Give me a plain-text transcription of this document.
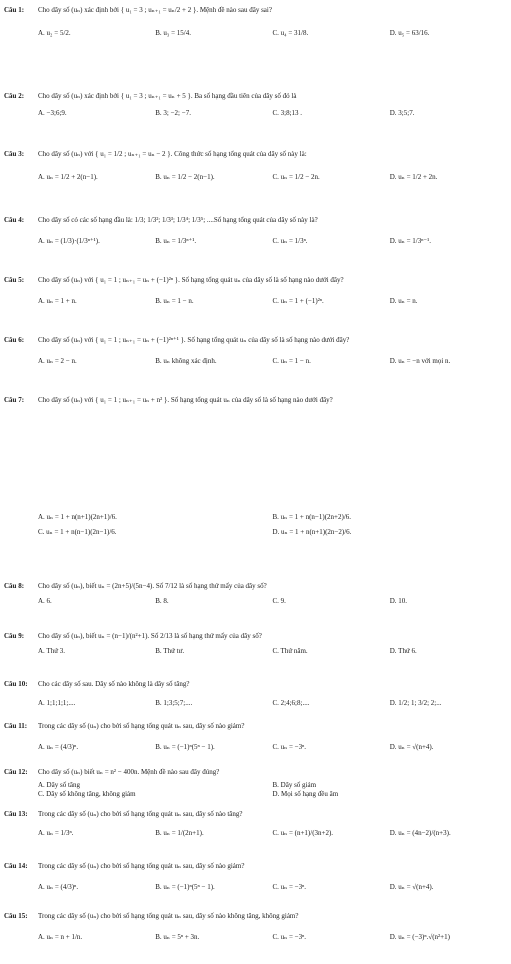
Câu 1: Cho dãy số (uₙ) xác định bởi { u₁ = 3 ; uₙ₊₁ = uₙ/2 + 2 }. Mệnh đề nào sau đây sai?
A. u₂ = 5/2.	B. u₃ = 15/4.	C. u₄ = 31/8.	D. u₅ = 63/16.
Câu 2: Cho dãy số (uₙ) xác định bởi { u₁ = 3 ; uₙ₊₁ = uₙ + 5 }. Ba số hạng đầu tiên của dãy số đó là
A. −3;6;9.	B. 3; −2; −7.	C. 3;8;13 .	D. 3;5;7.
Câu 3: Cho dãy số (uₙ) với { u₁ = 1/2 ; uₙ₊₁ = uₙ − 2 }. Công thức số hạng tổng quát của dãy số này là:
A. uₙ = 1/2 + 2(n−1).	B. uₙ = 1/2 − 2(n−1).	C. uₙ = 1/2 − 2n.	D. uₙ = 1/2 + 2n.
Câu 4: Cho dãy số có các số hạng đầu là: 1/3; 1/3²; 1/3³; 1/3⁴; 1/3⁵; ....Số hạng tổng quát của dãy số này là?
A. uₙ = (1/3)·(1/3ⁿ⁺¹).	B. uₙ = 1/3ⁿ⁺¹.	C. uₙ = 1/3ⁿ.	D. uₙ = 1/3ⁿ⁻¹.
Câu 5: Cho dãy số (uₙ) với { u₁ = 1 ; uₙ₊₁ = uₙ + (−1)²ⁿ }. Số hạng tổng quát uₙ của dãy số là số hạng nào dưới đây?
A. uₙ = 1 + n.	B. uₙ = 1 − n.	C. uₙ = 1 + (−1)²ⁿ.	D. uₙ = n.
Câu 6: Cho dãy số (uₙ) với { u₁ = 1 ; uₙ₊₁ = uₙ + (−1)²ⁿ⁺¹ }. Số hạng tổng quát uₙ của dãy số là số hạng nào dưới đây?
A. uₙ = 2 − n.	B. uₙ không xác định.	C. uₙ = 1 − n.	D. uₙ = −n với mọi n.
Câu 7: Cho dãy số (uₙ) với { u₁ = 1 ; uₙ₊₁ = uₙ + n² }. Số hạng tổng quát uₙ của dãy số là số hạng nào dưới đây?
A. uₙ = 1 + n(n+1)(2n+1)/6.	B. uₙ = 1 + n(n−1)(2n+2)/6.
C. uₙ = 1 + n(n−1)(2n−1)/6.	D. uₙ = 1 + n(n+1)(2n−2)/6.
Câu 8: Cho dãy số (uₙ), biết uₙ = (2n+5)/(5n−4). Số 7/12 là số hạng thứ mấy của dãy số?
A. 6.	B. 8.	C. 9.	D. 10.
Câu 9: Cho dãy số (uₙ), biết uₙ = (n−1)/(n²+1). Số 2/13 là số hạng thứ mấy của dãy số?
A. Thứ 3.	B. Thứ tư.	C. Thứ năm.	D. Thứ 6.
Câu 10: Cho các dãy số sau. Dãy số nào không là dãy số tăng?
A. 1;1;1;1;....	B. 1;3;5;7;....	C. 2;4;6;8;....	D. 1/2; 1; 3/2; 2;...
Câu 11: Trong các dãy số (uₙ) cho bởi số hạng tổng quát uₙ sau, dãy số nào giảm?
A. uₙ = (4/3)ⁿ.	B. uₙ = (−1)ⁿ(5ⁿ − 1).	C. uₙ = −3ⁿ.	D. uₙ = √(n+4).
Câu 12: Cho dãy số (uₙ) biết uₙ = n² − 400n. Mệnh đề nào sau đây đúng?
A. Dãy số tăng	B. Dãy số giảm
C. Dãy số không tăng, không giảm	D. Mọi số hạng đều âm
Câu 13: Trong các dãy số (uₙ) cho bởi số hạng tổng quát uₙ sau, dãy số nào tăng?
A. uₙ = 1/3ⁿ.	B. uₙ = 1/(2n+1).	C. uₙ = (n+1)/(3n+2).	D. uₙ = (4n−2)/(n+3).
Câu 14: Trong các dãy số (uₙ) cho bởi số hạng tổng quát uₙ sau, dãy số nào giảm?
A. uₙ = (4/3)ⁿ.	B. uₙ = (−1)ⁿ(5ⁿ − 1).	C. uₙ = −3ⁿ.	D. uₙ = √(n+4).
Câu 15: Trong các dãy số (uₙ) cho bởi số hạng tổng quát uₙ sau, dãy số nào không tăng, không giảm?
A. uₙ = n + 1/n.	B. uₙ = 5ⁿ + 3n.	C. uₙ = −3ⁿ.	D. uₙ = (−3)ⁿ.√(n²+1)
